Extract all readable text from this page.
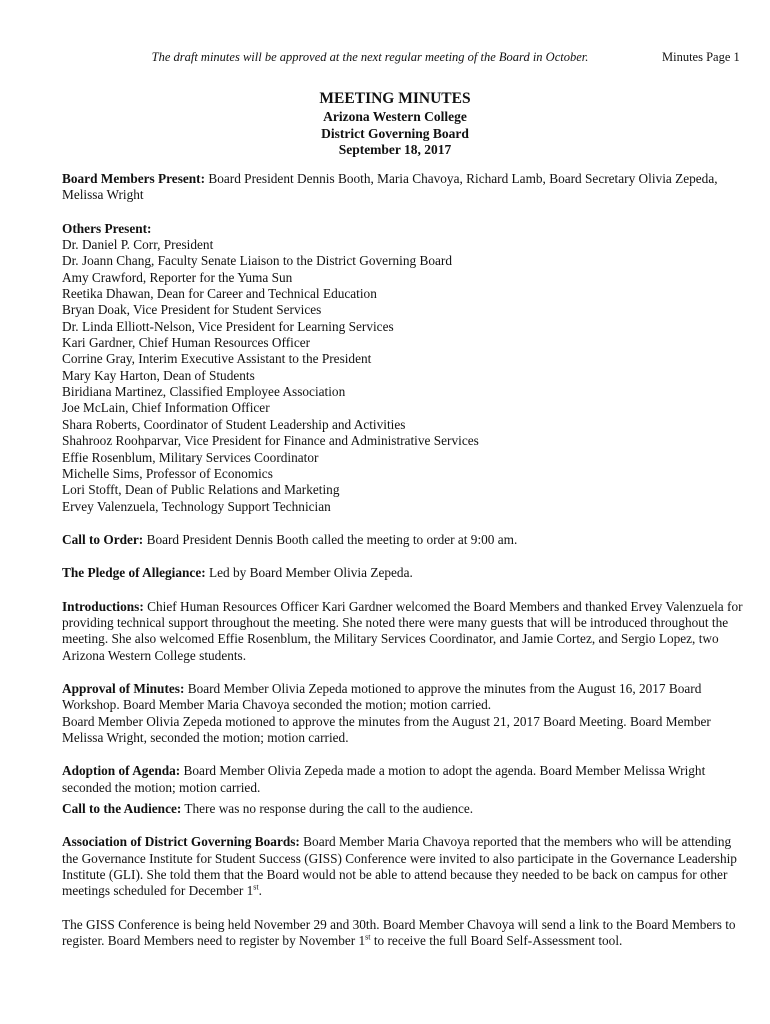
The draft minutes will be approved at the next regular meeting of the Board in October.	Minutes Page 1
MEETING MINUTES
Arizona Western College
District Governing Board
September 18, 2017

Board Members Present: Board President Dennis Booth, Maria Chavoya, Richard Lamb, Board Secretary Olivia Zepeda, Melissa Wright

Others Present:
Dr. Daniel P. Corr, President
Dr. Joann Chang, Faculty Senate Liaison to the District Governing Board
Amy Crawford, Reporter for the Yuma Sun
Reetika Dhawan, Dean for Career and Technical Education
Bryan Doak, Vice President for Student Services
Dr. Linda Elliott-Nelson, Vice President for Learning Services
Kari Gardner, Chief Human Resources Officer
Corrine Gray, Interim Executive Assistant to the President
Mary Kay Harton, Dean of Students
Biridiana Martinez, Classified Employee Association
Joe McLain, Chief Information Officer
Shara Roberts, Coordinator of Student Leadership and Activities
Shahrooz Roohparvar, Vice President for Finance and Administrative Services
Effie Rosenblum, Military Services Coordinator
Michelle Sims, Professor of Economics
Lori Stofft, Dean of Public Relations and Marketing
Ervey Valenzuela, Technology Support Technician

Call to Order: Board President Dennis Booth called the meeting to order at 9:00 am.

The Pledge of Allegiance: Led by Board Member Olivia Zepeda.

Introductions: Chief Human Resources Officer Kari Gardner welcomed the Board Members and thanked Ervey Valenzuela for providing technical support throughout the meeting. She noted there were many guests that will be introduced throughout the meeting. She also welcomed Effie Rosenblum, the Military Services Coordinator, and Jamie Cortez, and Sergio Lopez, two Arizona Western College students.

Approval of Minutes: Board Member Olivia Zepeda motioned to approve the minutes from the August 16, 2017 Board Workshop. Board Member Maria Chavoya seconded the motion; motion carried.

Board Member Olivia Zepeda motioned to approve the minutes from the August 21, 2017 Board Meeting. Board Member Melissa Wright, seconded the motion; motion carried.

Adoption of Agenda: Board Member Olivia Zepeda made a motion to adopt the agenda. Board Member Melissa Wright seconded the motion; motion carried.

Call to the Audience: There was no response during the call to the audience.

Association of District Governing Boards: Board Member Maria Chavoya reported that the members who will be attending the Governance Institute for Student Success (GISS) Conference were invited to also participate in the Governance Leadership Institute (GLI). She told them that the Board would not be able to attend because they needed to be back on campus for other meetings scheduled for December 1st.

The GISS Conference is being held November 29 and 30th. Board Member Chavoya will send a link to the Board Members to register. Board Members need to register by November 1st to receive the full Board Self-Assessment tool.
